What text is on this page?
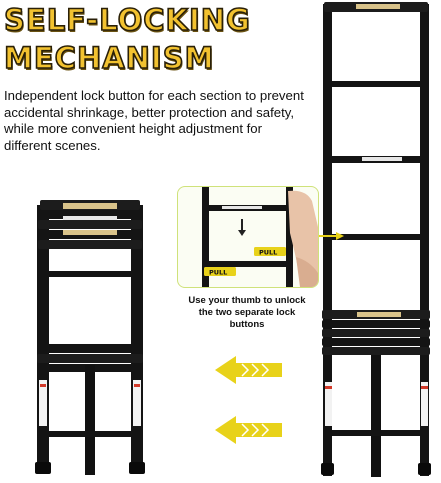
SELF-LOCKING
MECHANISM

Independent lock button for each section to prevent accidental shrinkage, better protection and safety, while more convenient height adjustment for different scenes.

PULL
PULL

Use your thumb to unlock the two separate lock buttons
